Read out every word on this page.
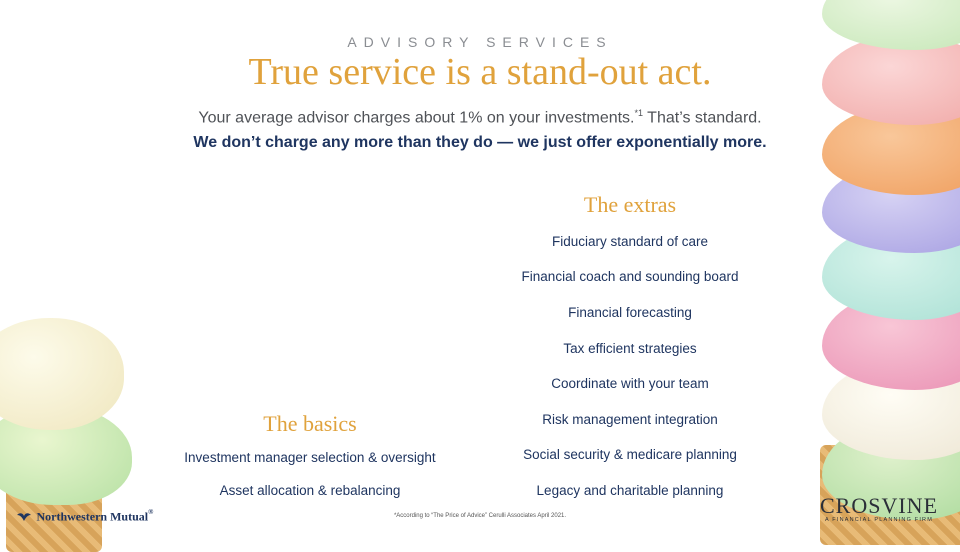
ADVISORY SERVICES
True service is a stand-out act.
Your average advisor charges about 1% on your investments.$^{*1}$ That’s standard.
We don’t charge any more than they do — we just offer exponentially more.
The extras
Fiduciary standard of care
Financial coach and sounding board
Financial forecasting
Tax efficient strategies
Coordinate with your team
Risk management integration
Social security & medicare planning
Legacy and charitable planning
The basics
Investment manager selection & oversight
Asset allocation & rebalancing
*According to “The Price of Advice” Cerulli Associates April 2021.
Northwestern Mutual®	CROSVINE
A FINANCIAL PLANNING FIRM
